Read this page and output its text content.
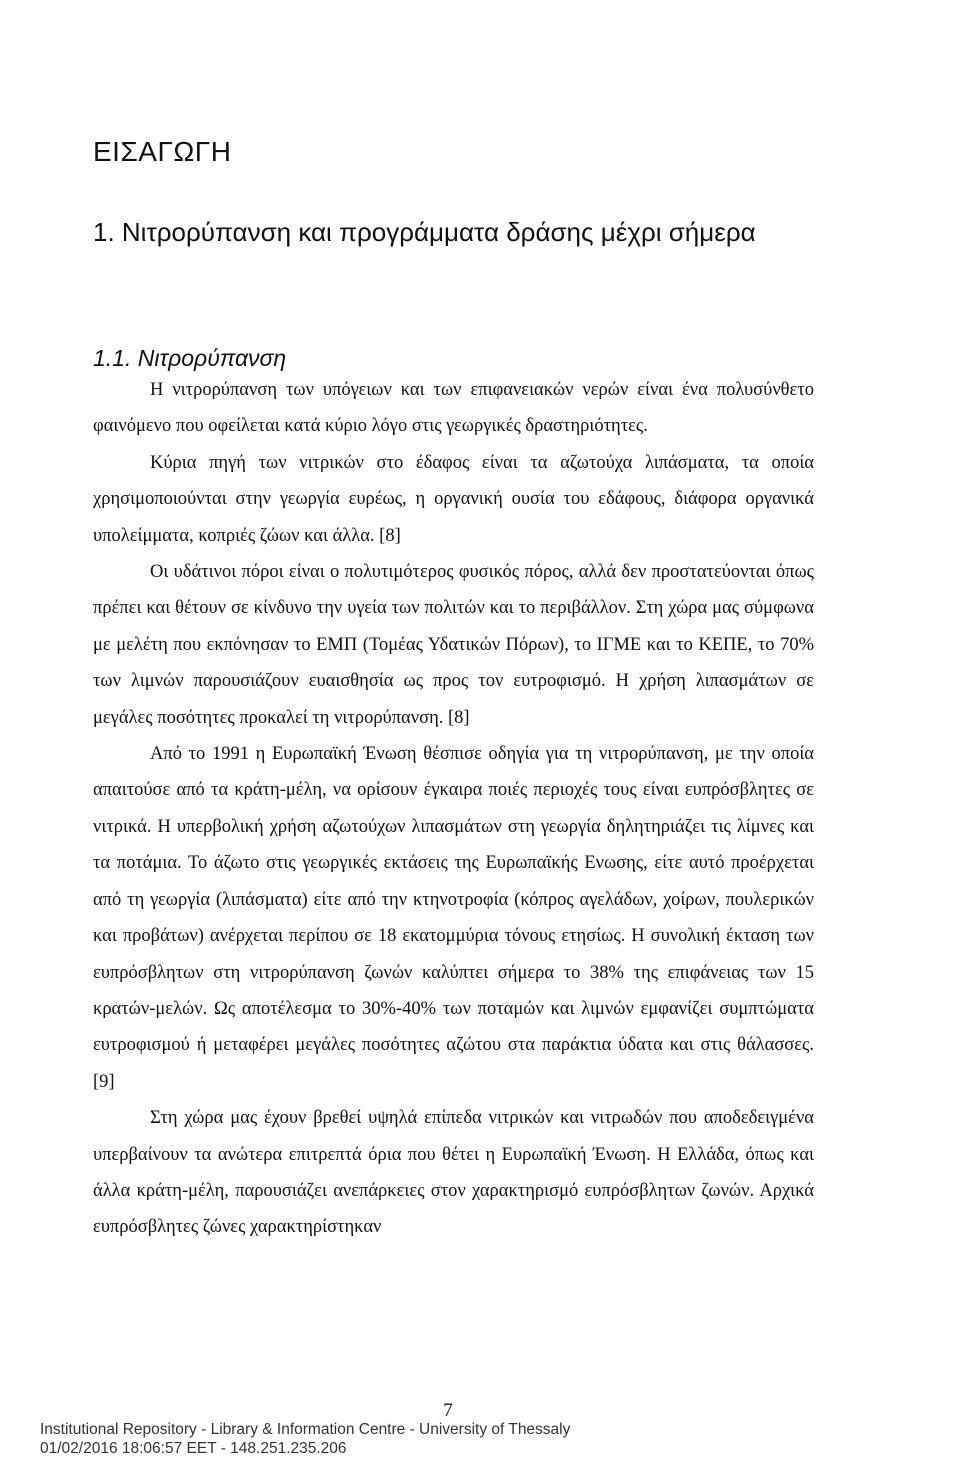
ΕΙΣΑΓΩΓΗ
1. Νιτρορύπανση και προγράμματα δράσης μέχρι σήμερα
1.1. Νιτρορύπανση

Η νιτρορύπανση των υπόγειων και των επιφανειακών νερών είναι ένα πολυσύνθετο φαινόμενο που οφείλεται κατά κύριο λόγο στις γεωργικές δραστηριότητες.

Κύρια πηγή των νιτρικών στο έδαφος είναι τα αζωτούχα λιπάσματα, τα οποία χρησιμοποιούνται στην γεωργία ευρέως, η οργανική ουσία του εδάφους, διάφορα οργανικά υπολείμματα, κοπριές ζώων και άλλα. [8]

Οι υδάτινοι πόροι είναι ο πολυτιμότερος φυσικός πόρος, αλλά δεν προστατεύονται όπως πρέπει και θέτουν σε κίνδυνο την υγεία των πολιτών και το περιβάλλον. Στη χώρα μας σύμφωνα με μελέτη που εκπόνησαν το ΕΜΠ (Τομέας Υδατικών Πόρων), το ΙΓΜΕ και το ΚΕΠΕ, το 70% των λιμνών παρουσιάζουν ευαισθησία ως προς τον ευτροφισμό. Η χρήση λιπασμάτων σε μεγάλες ποσότητες προκαλεί τη νιτρορύπανση. [8]

Από το 1991 η Ευρωπαϊκή Ένωση θέσπισε οδηγία για τη νιτρορύπανση, με την οποία απαιτούσε από τα κράτη-μέλη, να ορίσουν έγκαιρα ποιές περιοχές τους είναι ευπρόσβλητες σε νιτρικά. Η υπερβολική χρήση αζωτούχων λιπασμάτων στη γεωργία δηλητηριάζει τις λίμνες και τα ποτάμια. Το άζωτο στις γεωργικές εκτάσεις της Ευρωπαϊκής Ενωσης, είτε αυτό προέρχεται από τη γεωργία (λιπάσματα) είτε από την κτηνοτροφία (κόπρος αγελάδων, χοίρων, πουλερικών και προβάτων) ανέρχεται περίπου σε 18 εκατομμύρια τόνους ετησίως. Η συνολική έκταση των ευπρόσβλητων στη νιτρορύπανση ζωνών καλύπτει σήμερα το 38% της επιφάνειας των 15 κρατών-μελών. Ως αποτέλεσμα το 30%-40% των ποταμών και λιμνών εμφανίζει συμπτώματα ευτροφισμού ή μεταφέρει μεγάλες ποσότητες αζώτου στα παράκτια ύδατα και στις θάλασσες. [9]

Στη χώρα μας έχουν βρεθεί υψηλά επίπεδα νιτρικών και νιτρωδών που αποδεδειγμένα υπερβαίνουν τα ανώτερα επιτρεπτά όρια που θέτει η Ευρωπαϊκή Ένωση. Η Ελλάδα, όπως και άλλα κράτη-μέλη, παρουσιάζει ανεπάρκειες στον χαρακτηρισμό ευπρόσβλητων ζωνών. Αρχικά ευπρόσβλητες ζώνες χαρακτηρίστηκαν

7
Institutional Repository - Library & Information Centre - University of Thessaly
01/02/2016 18:06:57 EET - 148.251.235.206
